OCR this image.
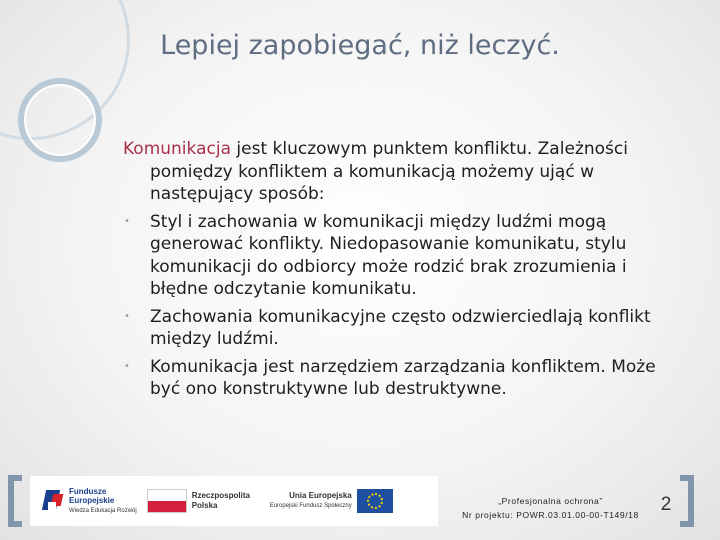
Lepiej zapobiegać, niż leczyć.

Komunikacja jest kluczowym punktem konfliktu. Zależności pomiędzy konfliktem a komunikacją możemy ująć w następujący sposób:

• Styl i zachowania w komunikacji między ludźmi mogą generować konflikty. Niedopasowanie komunikatu, stylu komunikacji do odbiorcy może rodzić brak zrozumienia i błędne odczytanie komunikatu.
• Zachowania komunikacyjne często odzwierciedlają konflikt między ludźmi.
• Komunikacja jest narzędziem zarządzania konfliktem. Może być ono konstruktywne lub destruktywne.
Fundusze
Europejskie
Wiedza Edukacja Rozwój
Rzeczpospolita Polska
Unia Europejska
Europejski Fundusz Społeczny	„Profesjonalna ochrona”
Nr projektu: POWR.03.01.00-00-T149/18	2
